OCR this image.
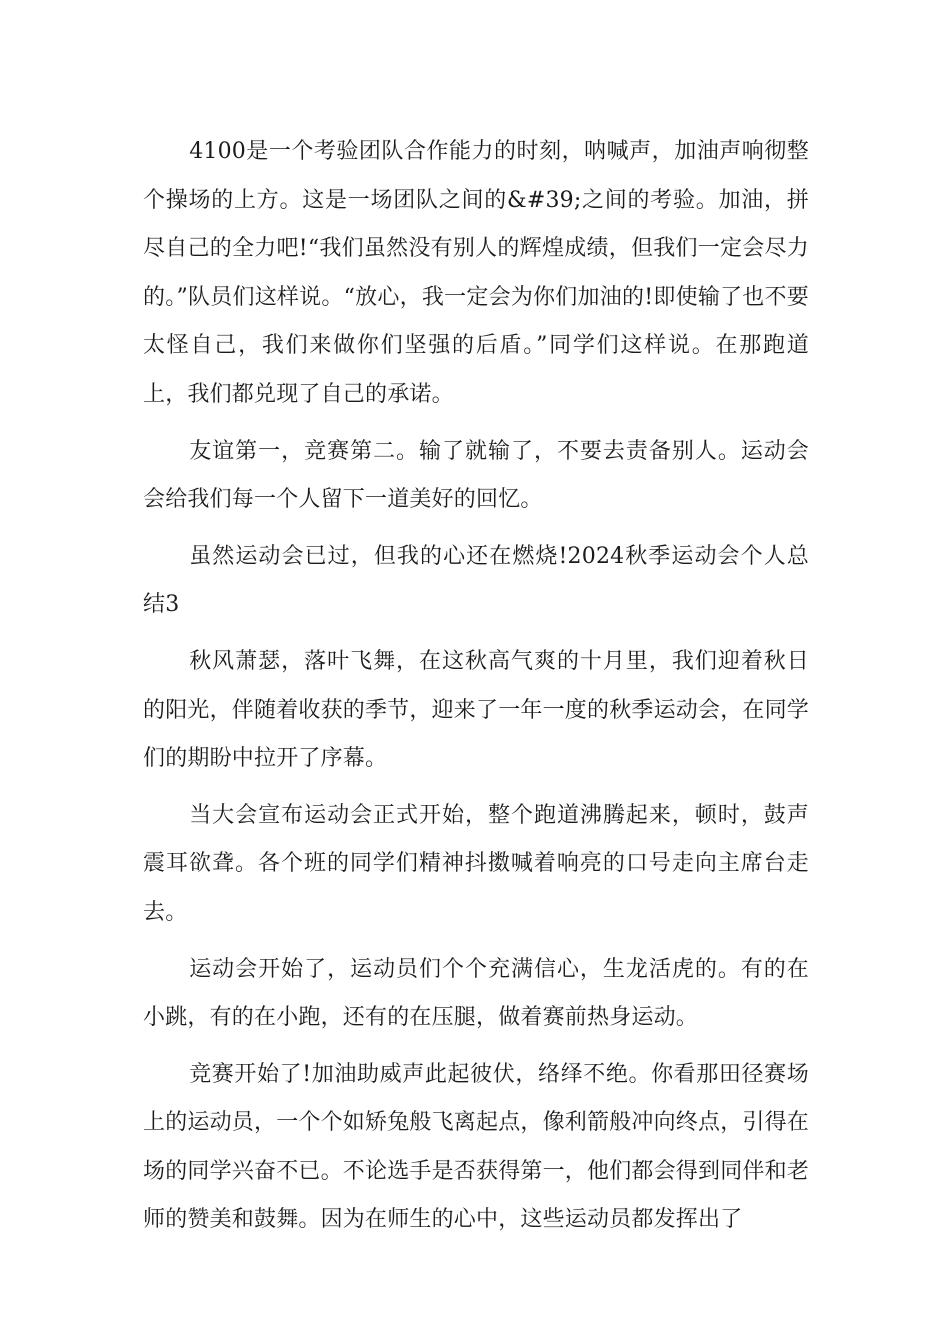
4100是一个考验团队合作能力的时刻，呐喊声，加油声响彻整个操场的上方。这是一场团队之间的&#39;之间的考验。加油，拼尽自己的全力吧!“我们虽然没有别人的辉煌成绩，但我们一定会尽力的。”队员们这样说。“放心，我一定会为你们加油的!即使输了也不要太怪自己，我们来做你们坚强的后盾。”同学们这样说。在那跑道上，我们都兑现了自己的承诺。

友谊第一，竞赛第二。输了就输了，不要去责备别人。运动会会给我们每一个人留下一道美好的回忆。

虽然运动会已过，但我的心还在燃烧!2024秋季运动会个人总结3

秋风萧瑟，落叶飞舞，在这秋高气爽的十月里，我们迎着秋日的阳光，伴随着收获的季节，迎来了一年一度的秋季运动会，在同学们的期盼中拉开了序幕。

当大会宣布运动会正式开始，整个跑道沸腾起来，顿时，鼓声震耳欲聋。各个班的同学们精神抖擞喊着响亮的口号走向主席台走去。

运动会开始了，运动员们个个充满信心，生龙活虎的。有的在小跳，有的在小跑，还有的在压腿，做着赛前热身运动。

竞赛开始了!加油助威声此起彼伏，络绎不绝。你看那田径赛场上的运动员，一个个如矫兔般飞离起点，像利箭般冲向终点，引得在场的同学兴奋不已。不论选手是否获得第一，他们都会得到同伴和老师的赞美和鼓舞。因为在师生的心中，这些运动员都发挥出了
